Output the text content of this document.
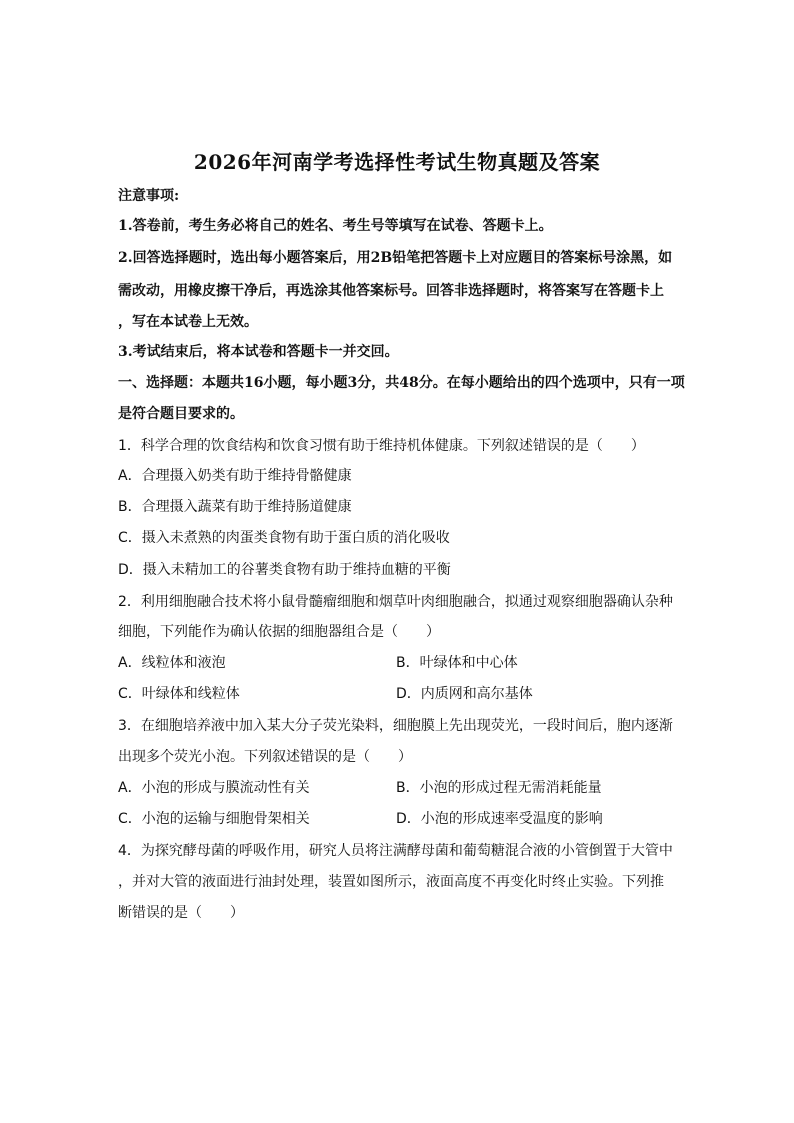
2026年河南学考选择性考试生物真题及答案
注意事项:
1.答卷前，考生务必将自己的姓名、考生号等填写在试卷、答题卡上。
2.回答选择题时，选出每小题答案后，用2B铅笔把答题卡上对应题目的答案标号涂黑，如
需改动，用橡皮擦干净后，再选涂其他答案标号。回答非选择题时，将答案写在答题卡上
，写在本试卷上无效。
3.考试结束后，将本试卷和答题卡一并交回。
一、选择题：本题共16小题，每小题3分，共48分。在每小题给出的四个选项中，只有一项
是符合题目要求的。
1．科学合理的饮食结构和饮食习惯有助于维持机体健康。下列叙述错误的是（　　）
A．合理摄入奶类有助于维持骨骼健康
B．合理摄入蔬菜有助于维持肠道健康
C．摄入未煮熟的肉蛋类食物有助于蛋白质的消化吸收
D．摄入未精加工的谷薯类食物有助于维持血糖的平衡
2．利用细胞融合技术将小鼠骨髓瘤细胞和烟草叶肉细胞融合，拟通过观察细胞器确认杂种
细胞，下列能作为确认依据的细胞器组合是（　　）
A．线粒体和液泡	B．叶绿体和中心体
C．叶绿体和线粒体	D．内质网和高尔基体
3．在细胞培养液中加入某大分子荧光染料，细胞膜上先出现荧光，一段时间后，胞内逐渐
出现多个荧光小泡。下列叙述错误的是（　　）
A．小泡的形成与膜流动性有关	B．小泡的形成过程无需消耗能量
C．小泡的运输与细胞骨架相关	D．小泡的形成速率受温度的影响
4．为探究酵母菌的呼吸作用，研究人员将注满酵母菌和葡萄糖混合液的小管倒置于大管中
，并对大管的液面进行油封处理，装置如图所示，液面高度不再变化时终止实验。下列推
断错误的是（　　）
